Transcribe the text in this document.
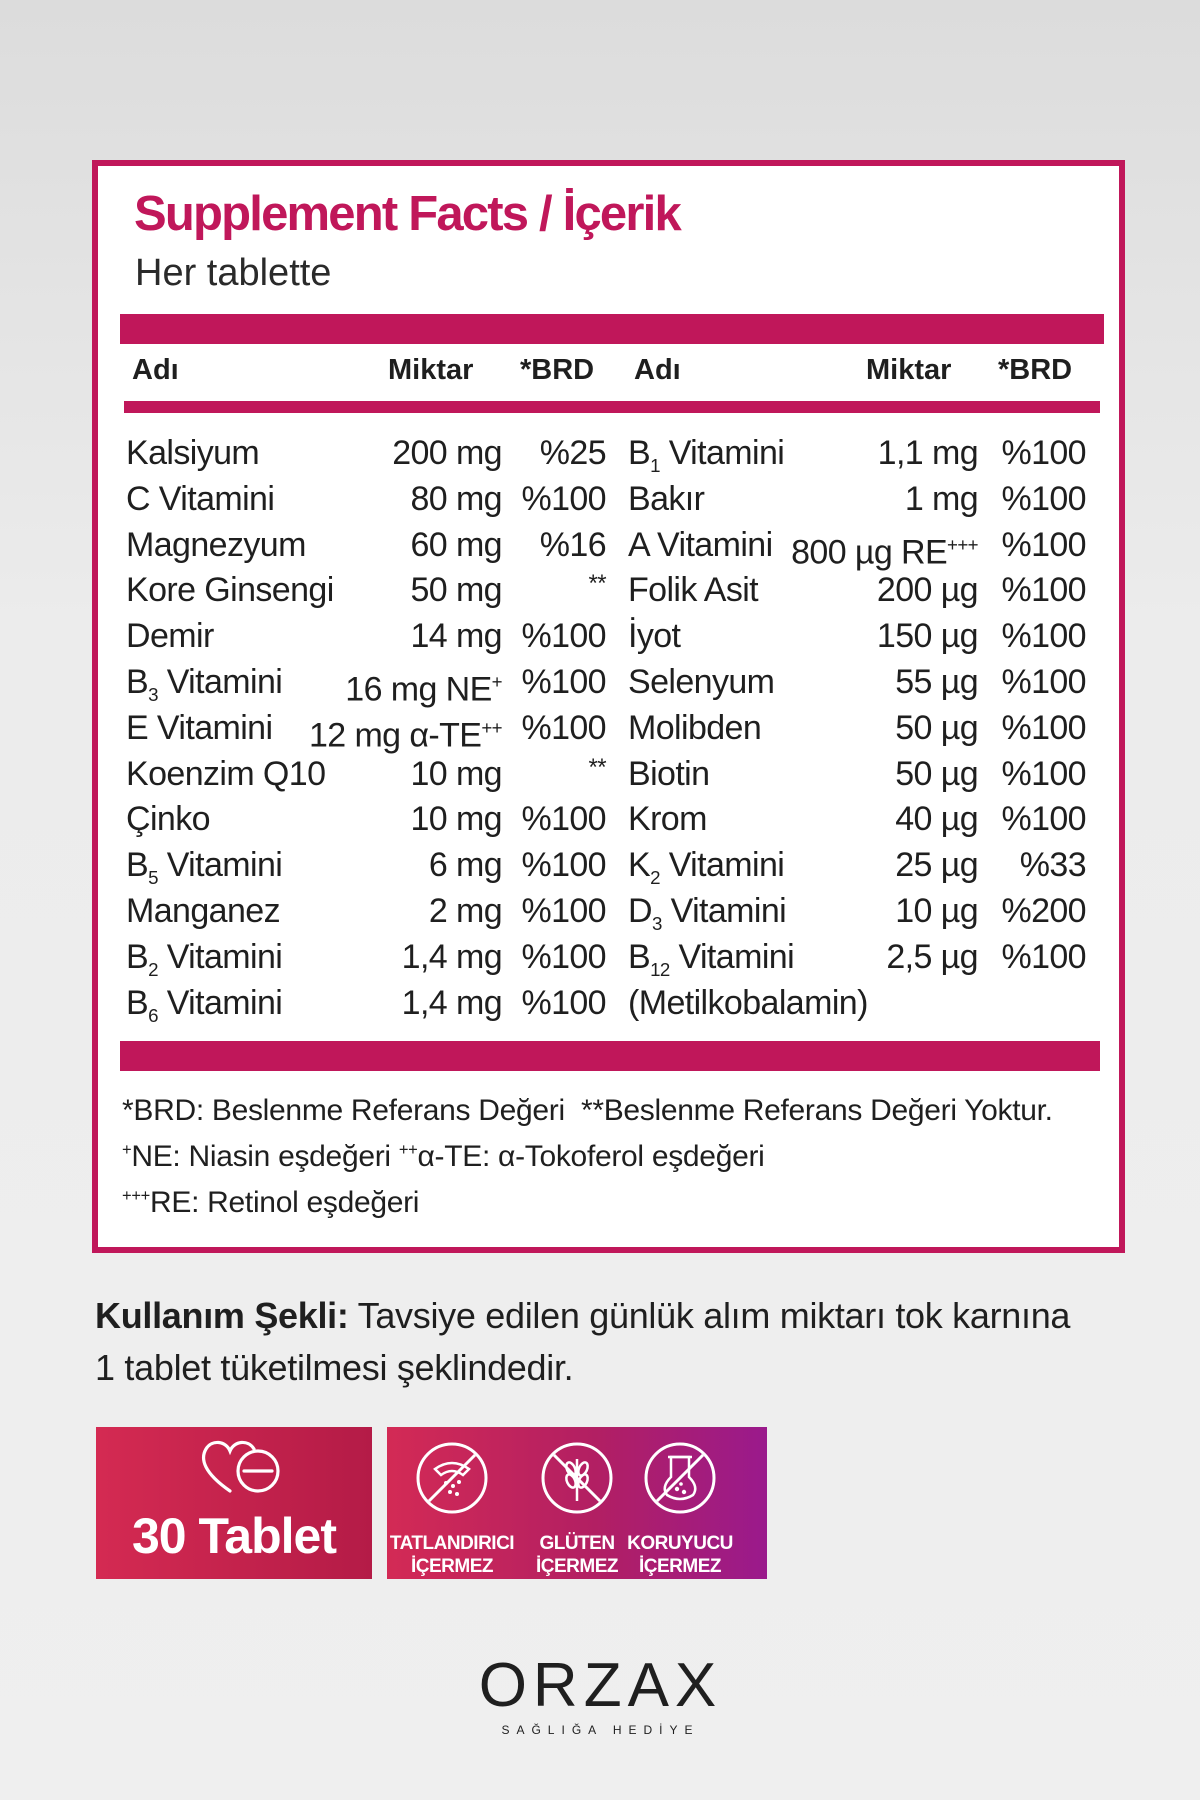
Supplement Facts / İçerik

Her tablette

Adı	Miktar *BRD Adı	Miktar *BRD
Kalsiyum	200 mg %25
C Vitamini	80 mg %100
Magnezyum	60 mg %16
Kore Ginsengi 50 mg	**
Demir	14 mg %100
$B_3$ Vitamini 16 mg NE+ %100
E Vitamini 12 mg α-TE++ %100
Koenzim Q10	10 mg	**
Çinko	10 mg %100
$B_5$ Vitamini	6 mg %100
Manganez	2 mg %100
$B_2$ Vitamini	1,4 mg %100
$B_6$ Vitamini	1,4 mg %100
$B_1$ Vitamini	1,1 mg %100
Bakır	1 mg %100
A Vitamini 800 µg RE+++ %100
Folik Asit	200 µg %100
İyot	150 µg %100
Selenyum	55 µg %100
Molibden	50 µg %100
Biotin	50 µg %100
Krom	40 µg %100
$K_2$ Vitamini	25 µg %33
$D_3$ Vitamini	10 µg %200
$B_{12}$ Vitamini	2,5 µg %100
(Metilkobalamin)
*BRD: Beslenme Referans Değeri **Beslenme Referans Değeri Yoktur.
+NE: Niasin eşdeğeri ++α-TE: α-Tokoferol eşdeğeri
+++RE: Retinol eşdeğeri
Kullanım Şekli: Tavsiye edilen günlük alım miktarı tok karnına 1 tablet tüketilmesi şeklindedir.
30 Tablet	TATLANDIRICI
İÇERMEZ
GLÜTEN
İÇERMEZ
KORUYUCU
İÇERMEZ
ORZAX
SAĞLIĞA HEDİYE
